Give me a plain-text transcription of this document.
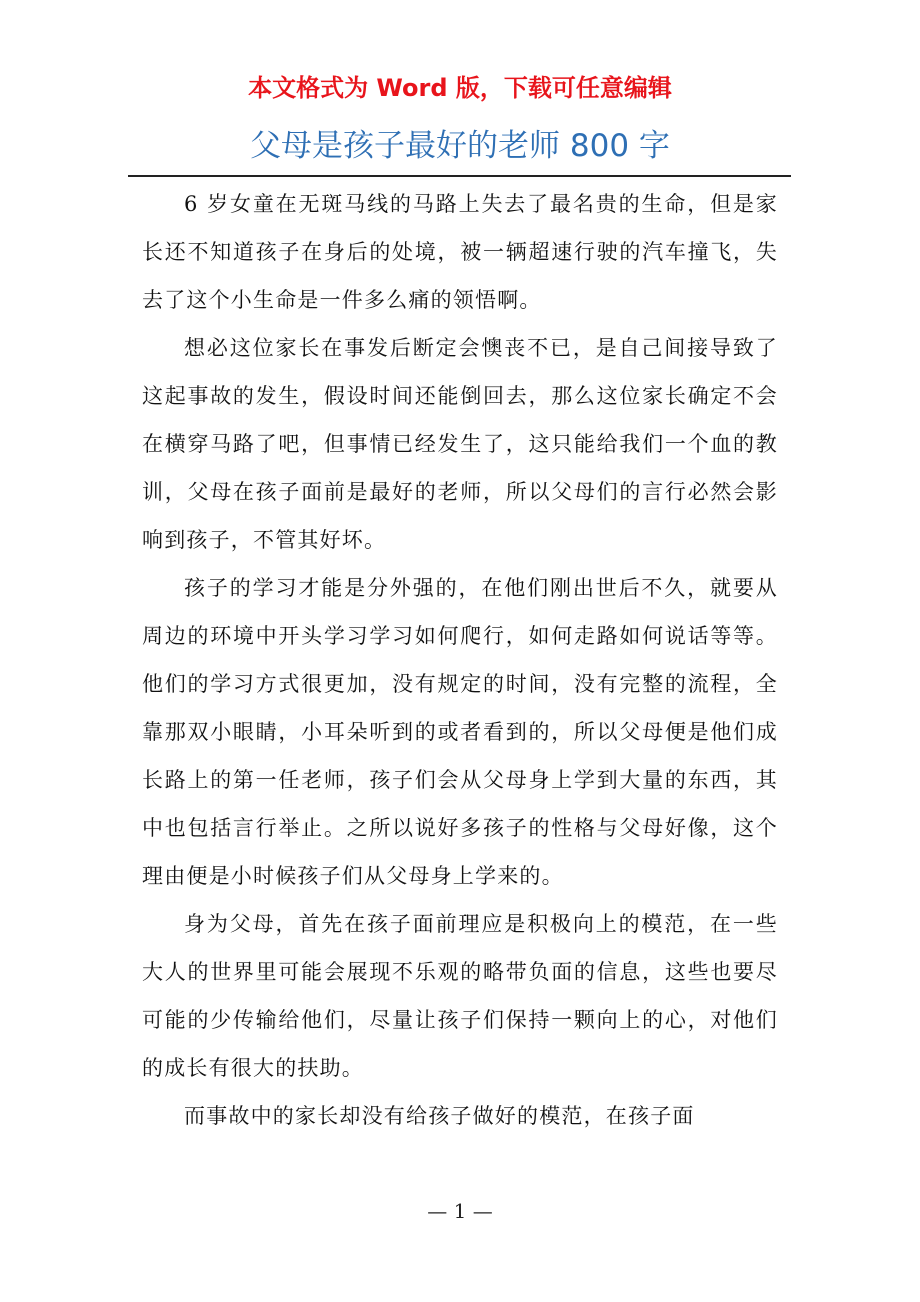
本文格式为 Word 版，下载可任意编辑
父母是孩子最好的老师 800 字

6 岁女童在无斑马线的马路上失去了最名贵的生命，但是家长还不知道孩子在身后的处境，被一辆超速行驶的汽车撞飞，失去了这个小生命是一件多么痛的领悟啊。

想必这位家长在事发后断定会懊丧不已，是自己间接导致了这起事故的发生，假设时间还能倒回去，那么这位家长确定不会在横穿马路了吧，但事情已经发生了，这只能给我们一个血的教训，父母在孩子面前是最好的老师，所以父母们的言行必然会影响到孩子，不管其好坏。

孩子的学习才能是分外强的，在他们刚出世后不久，就要从周边的环境中开头学习学习如何爬行，如何走路如何说话等等。他们的学习方式很更加，没有规定的时间，没有完整的流程，全靠那双小眼睛，小耳朵听到的或者看到的，所以父母便是他们成长路上的第一任老师，孩子们会从父母身上学到大量的东西，其中也包括言行举止。之所以说好多孩子的性格与父母好像，这个理由便是小时候孩子们从父母身上学来的。

身为父母，首先在孩子面前理应是积极向上的模范，在一些大人的世界里可能会展现不乐观的略带负面的信息，这些也要尽可能的少传输给他们，尽量让孩子们保持一颗向上的心，对他们的成长有很大的扶助。

而事故中的家长却没有给孩子做好的模范，在孩子面

— 1 —
